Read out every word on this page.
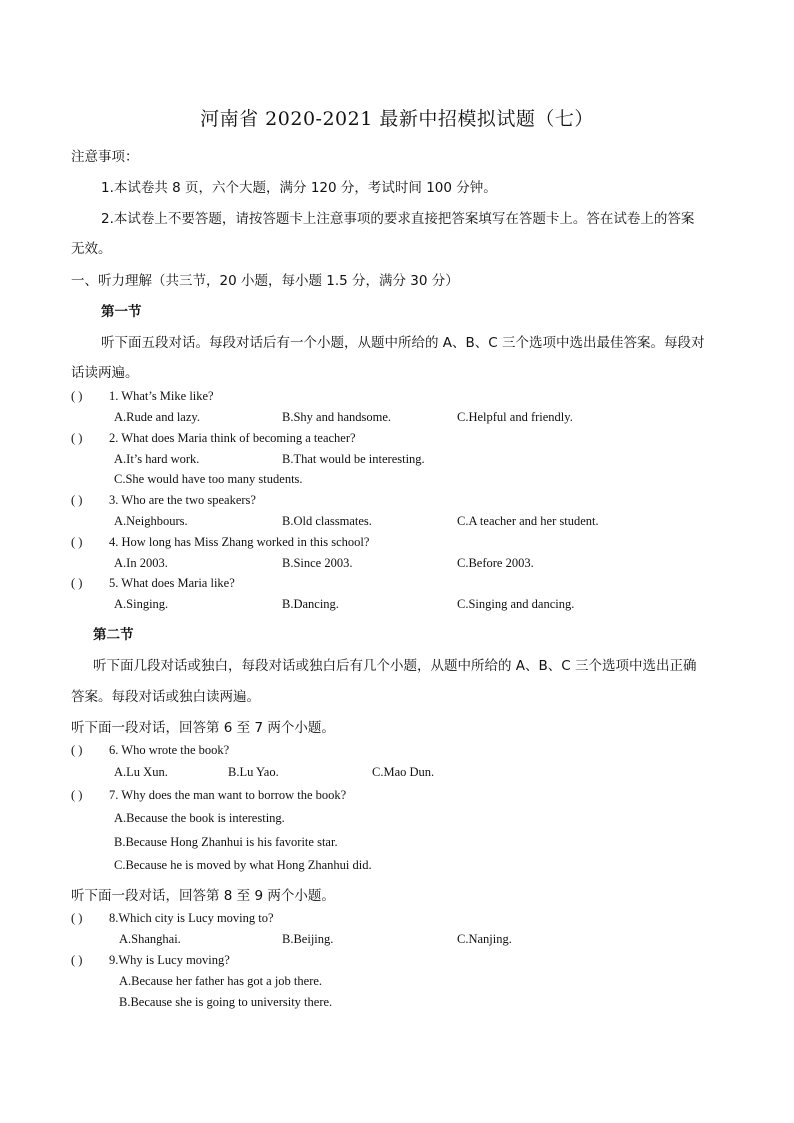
河南省 2020-2021 最新中招模拟试题（七）
注意事项：
1.本试卷共 8 页，六个大题，满分 120 分，考试时间 100 分钟。
2.本试卷上不要答题，请按答题卡上注意事项的要求直接把答案填写在答题卡上。答在试卷上的答案
无效。
一、听力理解（共三节，20 小题，每小题 1.5 分，满分 30 分）
第一节
听下面五段对话。每段对话后有一个小题，从题中所给的 A、B、C 三个选项中选出最佳答案。每段对
话读两遍。
( ) 1. What’s Mike like?
A.Rude and lazy.	B.Shy and handsome.	C.Helpful and friendly.
( ) 2. What does Maria think of becoming a teacher?
A.It’s hard work.	B.That would be interesting.
C.She would have too many students.
( ) 3. Who are the two speakers?
A.Neighbours.	B.Old classmates.	C.A teacher and her student.
( ) 4. How long has Miss Zhang worked in this school?
A.In 2003.	B.Since 2003.	C.Before 2003.
( ) 5. What does Maria like?
A.Singing.	B.Dancing.	C.Singing and dancing.
第二节
听下面几段对话或独白，每段对话或独白后有几个小题，从题中所给的 A、B、C 三个选项中选出正确
答案。每段对话或独白读两遍。
听下面一段对话，回答第 6 至 7 两个小题。
( ) 6. Who wrote the book?
A.Lu Xun.	B.Lu Yao.	C.Mao Dun.
( ) 7. Why does the man want to borrow the book?
A.Because the book is interesting.
B.Because Hong Zhanhui is his favorite star.
C.Because he is moved by what Hong Zhanhui did.
听下面一段对话，回答第 8 至 9 两个小题。
( ) 8.Which city is Lucy moving to?
A.Shanghai.	B.Beijing.	C.Nanjing.
( ) 9.Why is Lucy moving?
A.Because her father has got a job there.
B.Because she is going to university there.
